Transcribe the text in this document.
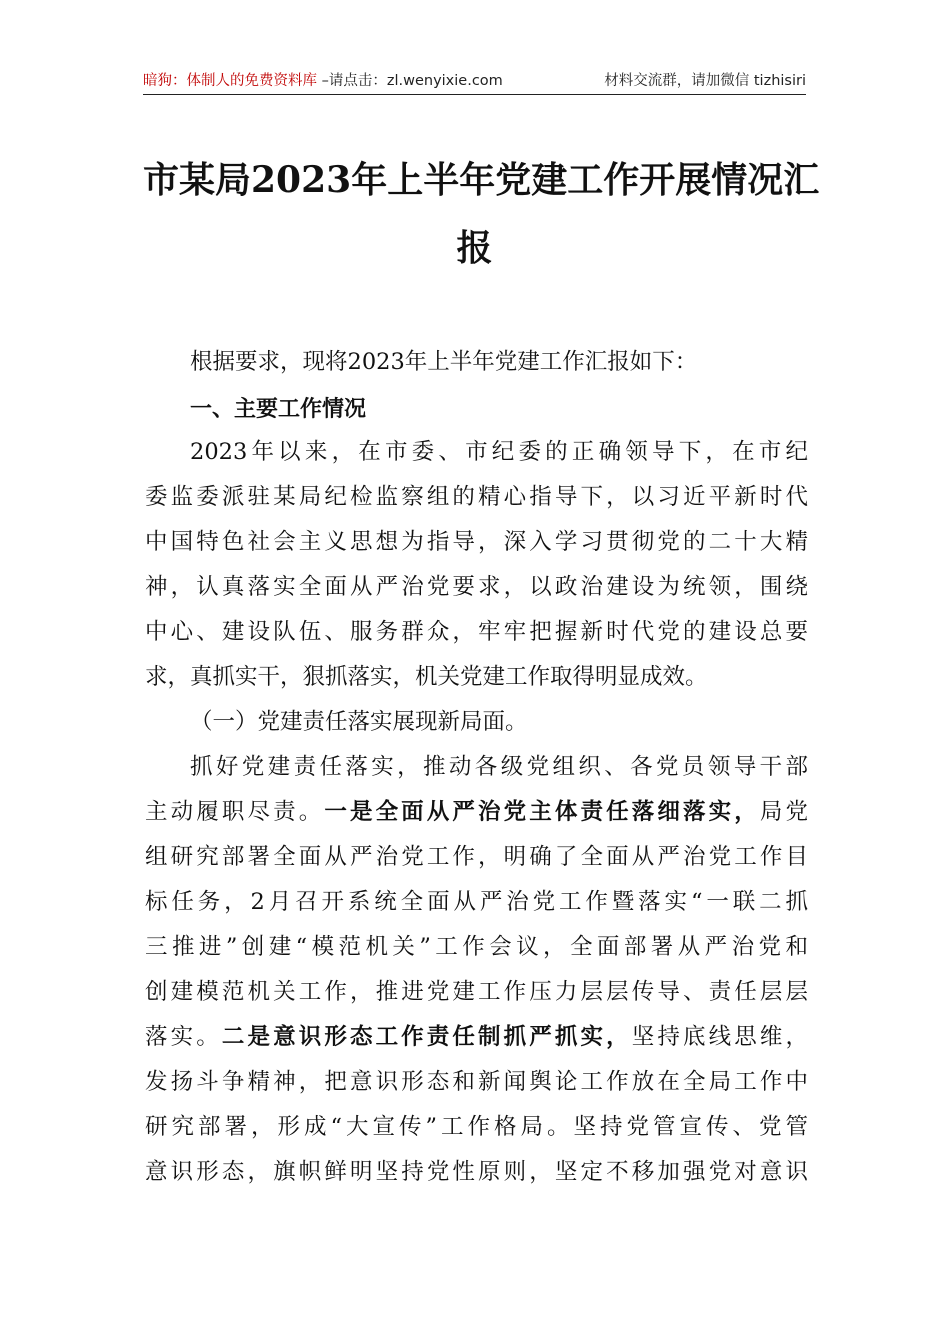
暗狗：体制人的免费资料库 –请点击：zl.wenyixie.com	材料交流群，请加微信 tizhisiri
市某局2023年上半年党建工作开展情况汇
报
根据要求，现将2023年上半年党建工作汇报如下：
一、主要工作情况
2023年以来，在市委、市纪委的正确领导下，在市纪
委监委派驻某局纪检监察组的精心指导下，以习近平新时代
中国特色社会主义思想为指导，深入学习贯彻党的二十大精
神，认真落实全面从严治党要求，以政治建设为统领，围绕
中心、建设队伍、服务群众，牢牢把握新时代党的建设总要
求，真抓实干，狠抓落实，机关党建工作取得明显成效。
（一）党建责任落实展现新局面。
抓好党建责任落实，推动各级党组织、各党员领导干部
主动履职尽责。一是全面从严治党主体责任落细落实，局党
组研究部署全面从严治党工作，明确了全面从严治党工作目
标任务，2月召开系统全面从严治党工作暨落实“一联二抓
三推进”创建“模范机关”工作会议，全面部署从严治党和
创建模范机关工作，推进党建工作压力层层传导、责任层层
落实。二是意识形态工作责任制抓严抓实，坚持底线思维，
发扬斗争精神，把意识形态和新闻舆论工作放在全局工作中
研究部署，形成“大宣传”工作格局。坚持党管宣传、党管
意识形态，旗帜鲜明坚持党性原则，坚定不移加强党对意识
